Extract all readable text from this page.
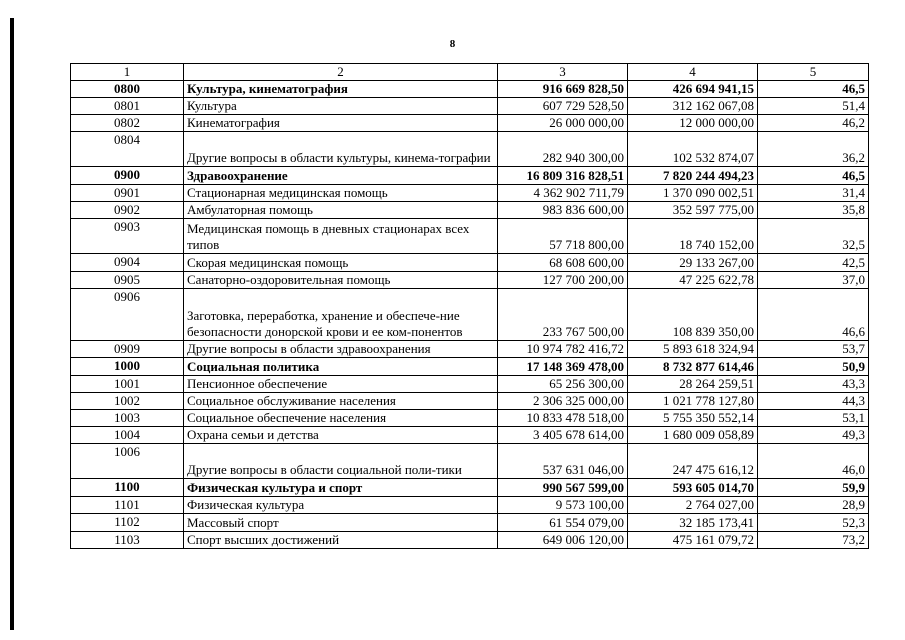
8
1	2	3	4	5
0800	Культура, кинематография	916 669 828,50	426 694 941,15	46,5
0801	Культура	607 729 528,50	312 162 067,08	51,4
0802	Кинематография	26 000 000,00	12 000 000,00	46,2
0804	Другие вопросы в области культуры, кинема-тографии	282 940 300,00	102 532 874,07	36,2
0900	Здравоохранение	16 809 316 828,51	7 820 244 494,23	46,5
0901	Стационарная медицинская помощь	4 362 902 711,79	1 370 090 002,51	31,4
0902	Амбулаторная помощь	983 836 600,00	352 597 775,00	35,8
0903	Медицинская помощь в дневных стационарах всех типов	57 718 800,00	18 740 152,00	32,5
0904	Скорая медицинская помощь	68 608 600,00	29 133 267,00	42,5
0905	Санаторно-оздоровительная помощь	127 700 200,00	47 225 622,78	37,0
0906	Заготовка, переработка, хранение и обеспече-ние безопасности донорской крови и ее ком-понентов	233 767 500,00	108 839 350,00	46,6
0909	Другие вопросы в области здравоохранения	10 974 782 416,72	5 893 618 324,94	53,7
1000	Социальная политика	17 148 369 478,00	8 732 877 614,46	50,9
1001	Пенсионное обеспечение	65 256 300,00	28 264 259,51	43,3
1002	Социальное обслуживание населения	2 306 325 000,00	1 021 778 127,80	44,3
1003	Социальное обеспечение населения	10 833 478 518,00	5 755 350 552,14	53,1
1004	Охрана семьи и детства	3 405 678 614,00	1 680 009 058,89	49,3
1006	Другие вопросы в области социальной поли-тики	537 631 046,00	247 475 616,12	46,0
1100	Физическая культура и спорт	990 567 599,00	593 605 014,70	59,9
1101	Физическая культура	9 573 100,00	2 764 027,00	28,9
1102	Массовый спорт	61 554 079,00	32 185 173,41	52,3
1103	Спорт высших достижений	649 006 120,00	475 161 079,72	73,2
